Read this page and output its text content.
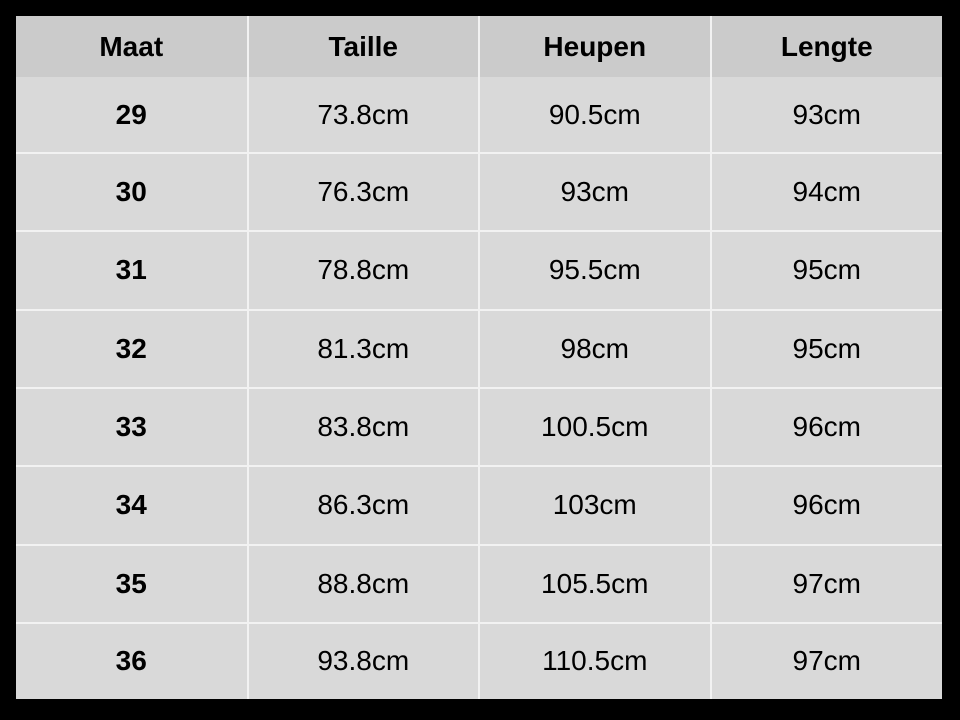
Maat	Taille	Heupen	Lengte
29	73.8cm	90.5cm	93cm
30	76.3cm	93cm	94cm
31	78.8cm	95.5cm	95cm
32	81.3cm	98cm	95cm
33	83.8cm	100.5cm	96cm
34	86.3cm	103cm	96cm
35	88.8cm	105.5cm	97cm
36	93.8cm	110.5cm	97cm
